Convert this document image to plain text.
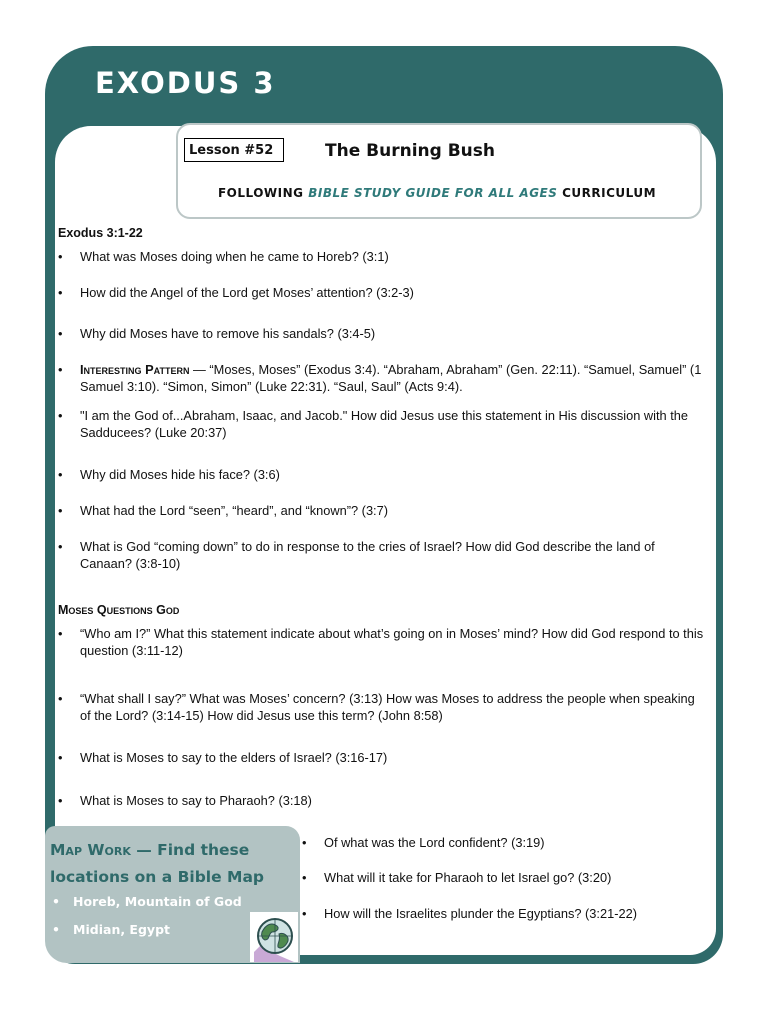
EXODUS 3
Lesson #52	The Burning Bush
FOLLOWING BIBLE STUDY GUIDE FOR ALL AGES CURRICULUM
Exodus 3:1-22
• What was Moses doing when he came to Horeb? (3:1)
• How did the Angel of the Lord get Moses’ attention? (3:2-3)
• Why did Moses have to remove his sandals? (3:4-5)
• Interesting Pattern — “Moses, Moses” (Exodus 3:4). “Abraham, Abraham” (Gen. 22:11). “Samuel, Samuel” (1 Samuel 3:10). “Simon, Simon” (Luke 22:31). “Saul, Saul” (Acts 9:4).
• "I am the God of...Abraham, Isaac, and Jacob." How did Jesus use this statement in His discussion with the Sadducees? (Luke 20:37)
• Why did Moses hide his face? (3:6)
• What had the Lord “seen”, “heard”, and “known”? (3:7)
• What is God “coming down” to do in response to the cries of Israel? How did God describe the land of Canaan? (3:8-10)
Moses Questions God
• “Who am I?” What this statement indicate about what’s going on in Moses’ mind? How did God respond to this question (3:11-12)
• “What shall I say?” What was Moses’ concern? (3:13) How was Moses to address the people when speaking of the Lord? (3:14-15) How did Jesus use this term? (John 8:58)
• What is Moses to say to the elders of Israel? (3:16-17)
• What is Moses to say to Pharaoh? (3:18)
• Of what was the Lord confident? (3:19)
• What will it take for Pharaoh to let Israel go? (3:20)
• How will the Israelites plunder the Egyptians? (3:21-22)
Map Work — Find these locations on a Bible Map
•   Horeb, Mountain of God
•   Midian, Egypt
